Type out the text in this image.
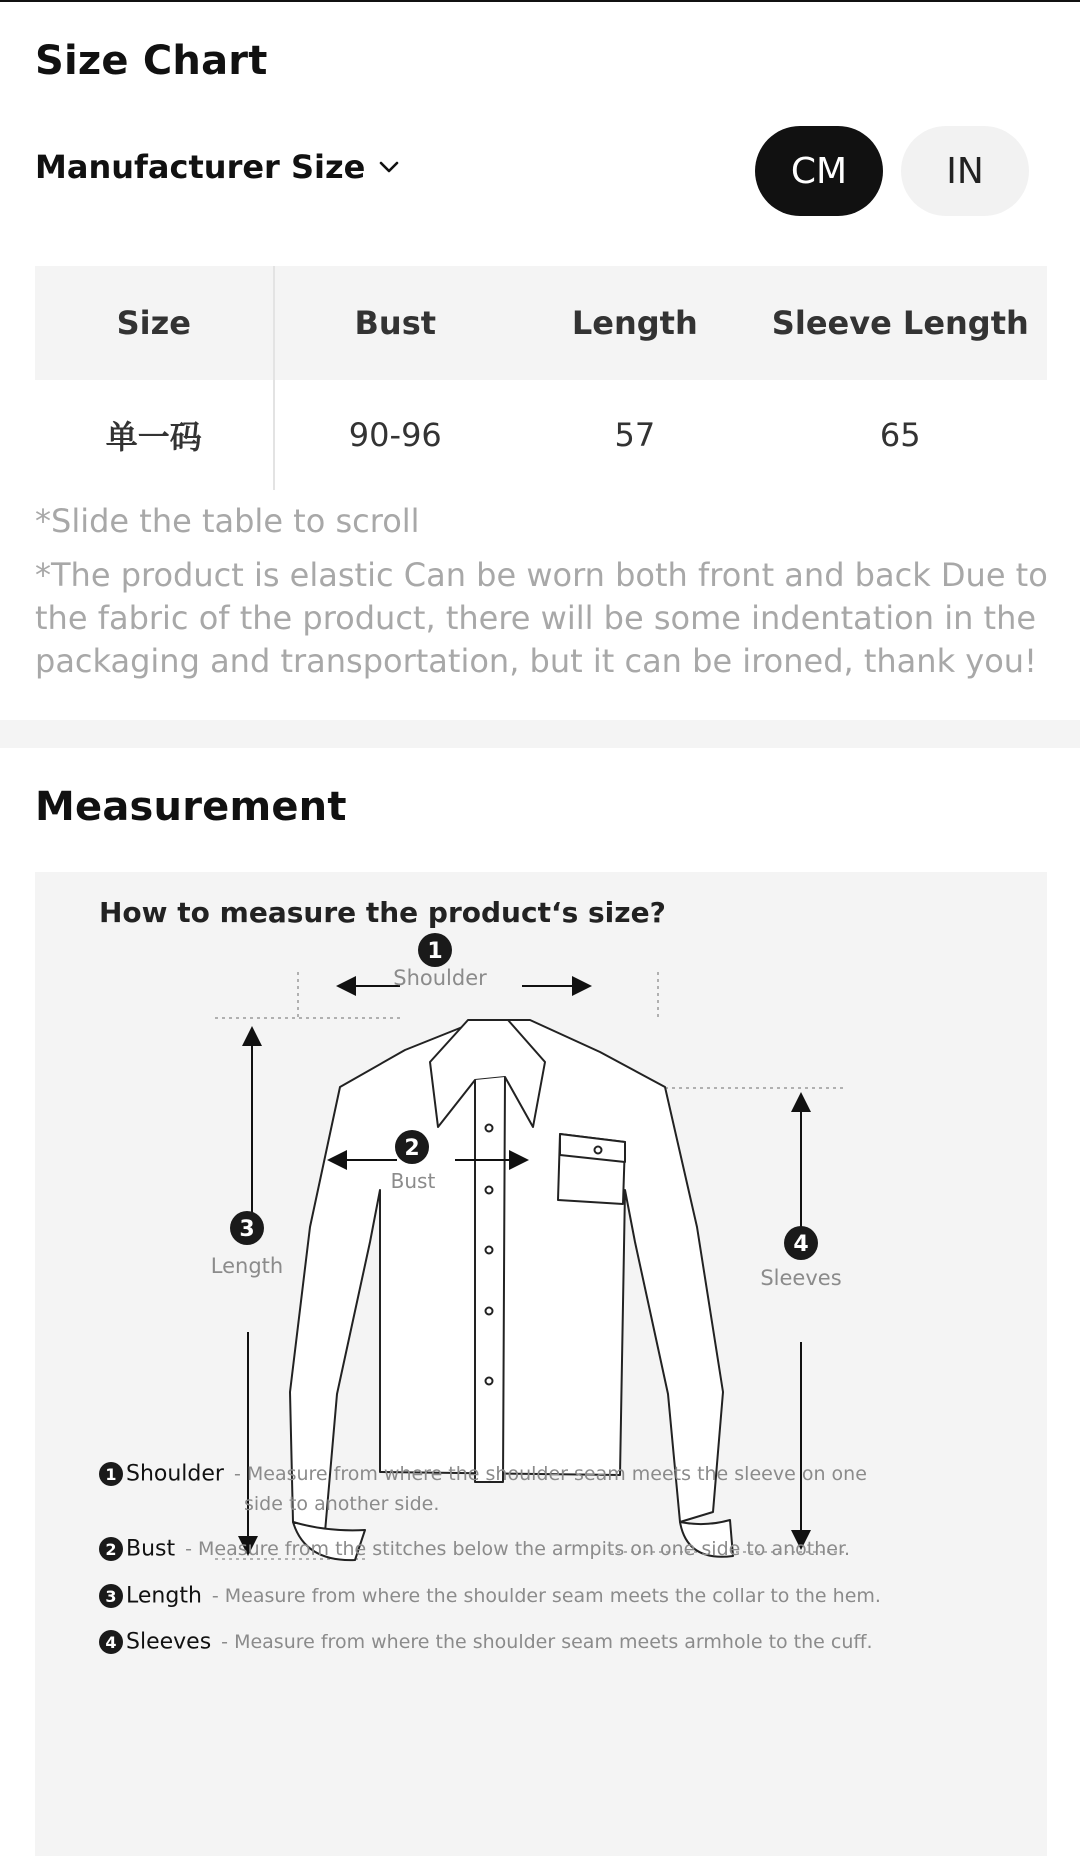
Size Chart
Manufacturer Size	CM	IN
Size	Bust	Length	Sleeve Length
单一码	90-96	57	65
*Slide the table to scroll
*The product is elastic Can be worn both front and back Due to the fabric of the product, there will be some indentation in the packaging and transportation, but it can be ironed, thank you!
Measurement
How to measure the product‘s size?
1
Shoulder
2
Bust
3
Length
4
Sleeves
1 Shoulder - Measure from where the shoulder seam meets the sleeve on one
side to another side.
2 Bust - Measure from the stitches below the armpits on one side to another.
3 Length - Measure from where the shoulder seam meets the collar to the hem.
4 Sleeves - Measure from where the shoulder seam meets armhole to the cuff.
